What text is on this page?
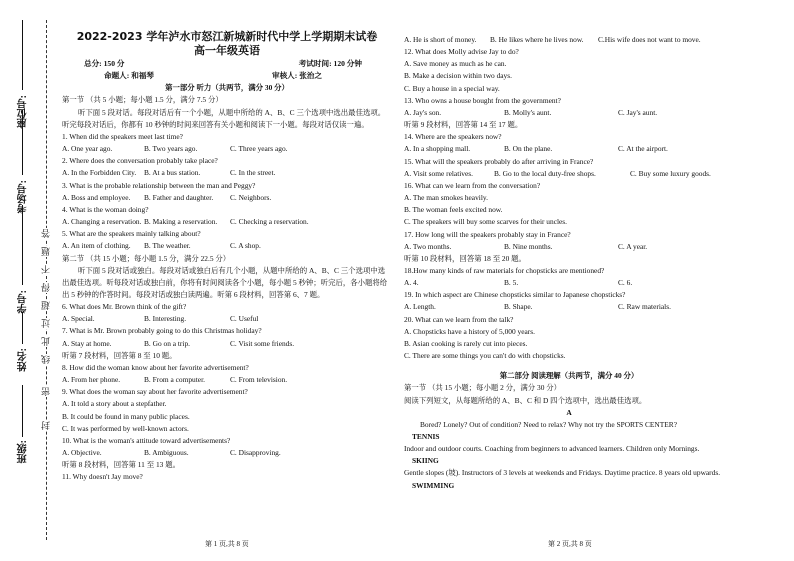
座位号:
考场号:
学号:
姓名:
班级:
答
题
不
得
超
过
此
线
密
封

2022-2023 学年泸水市怒江新城新时代中学上学期期末试卷

高一年级英语

总分: 150 分	考试时间: 120 分钟
命题人: 和福琴	审核人: 张治之

第一部分 听力（共两节，满分 30 分）

第一节 （共 5 小题；每小题 1.5 分，满分 7.5 分）

听下面 5 段对话。每段对话后有一个小题，从题中所给的 A、B、C 三个选项中选出最佳选项。听完每段对话后，你都有 10 秒钟的时间来回答有关小题和阅读下一小题。每段对话仅读一遍。

1. When did the speakers meet last time?

A. One year ago.	B. Two years ago.	C. Three years ago.

2. Where does the conversation probably take place?

A. In the Forbidden City.	B. At a bus station.	C. In the street.

3. What is the probable relationship between the man and Peggy?

A. Boss and employee.	B. Father and daughter.	C. Neighbors.

4. What is the woman doing?

A. Changing a reservation. B. Making a reservation.	C. Checking a reservation.

5. What are the speakers mainly talking about?

A. An item of clothing.	B. The weather.	C. A shop.

第二节 （共 15 小题；每小题 1.5 分，满分 22.5 分）

听下面 5 段对话或独白。每段对话或独白后有几个小题，从题中所给的 A、B、C 三个选项中选出最佳选项。听每段对话或独白前，你将有时间阅读各个小题，每小题 5 秒钟；听完后，各小题将给出 5 秒钟的作答时间。每段对话或独白读两遍。听第 6 段材料，回答第 6、7 题。

6. What does Mr. Brown think of the gift?

A. Special.	B. Interesting.	C. Useful

7. What is Mr. Brown probably going to do this Christmas holiday?

A. Stay at home.	B. Go on a trip.	C. Visit some friends.

听第 7 段材料，回答第 8 至 10 题。

8. How did the woman know about her favorite advertisement?

A. From her phone.	B. From a computer.	C. From television.

9. What does the woman say about her favorite advertisement?

A. It told a story about a stepfather.

B. It could be found in many public places.

C. It was performed by well-known actors.

10. What is the woman's attitude toward advertisements?

A. Objective.	B. Ambiguous.	C. Disapproving.

听第 8 段材料，回答第 11 至 13 题。

11. Why doesn't Jay move?

A. He is short of money.	B. He likes where he lives now.	C.His wife does not want to move.

12. What does Molly advise Jay to do?

A. Save money as much as he can.

B. Make a decision within two days.

C. Buy a house in a special way.

13. Who owns a house bought from the government?

A. Jay's son.	B. Molly's aunt.	C. Jay's aunt.

听第 9 段材料，回答第 14 至 17 题。

14. Where are the speakers now?

A. In a shopping mall.	B. On the plane.	C. At the airport.

15. What will the speakers probably do after arriving in France?

A. Visit some relatives.	B. Go to the local duty-free shops.	C. Buy some luxury goods.

16. What can we learn from the conversation?

A. The man smokes heavily.

B. The woman feels excited now.

C. The speakers will buy some scarves for their uncles.

17. How long will the speakers probably stay in France?

A. Two months.	B. Nine months.	C. A year.

听第 10 段材料，回答第 18 至 20 题。

18.How many kinds of raw materials for chopsticks are mentioned?

A. 4.	B. 5.	C. 6.

19. In which aspect are Chinese chopsticks similar to Japanese chopsticks?

A. Length.	B. Shape.	C. Raw materials.

20. What can we learn from the talk?

A. Chopsticks have a history of 5,000 years.

B. Asian cooking is rarely cut into pieces.

C. There are some things you can't do with chopsticks.

第二部分 阅读理解（共两节，满分 40 分）

第一节 （共 15 小题；每小题 2 分，满分 30 分）

阅读下列短文，从每题所给的 A、B、C 和 D 四个选项中，选出最佳选项。

A

Bored? Lonely? Out of condition? Need to relax? Why not try the SPORTS CENTER?

TENNIS

Indoor and outdoor courts. Coaching from beginners to advanced learners. Children only Mornings.

SKIING

Gentle slopes (坡). Instructors of 3 levels at weekends and Fridays. Daytime practice. 8 years old upwards.

SWIMMING

第 1 页,共 8 页	第 2 页,共 8 页
